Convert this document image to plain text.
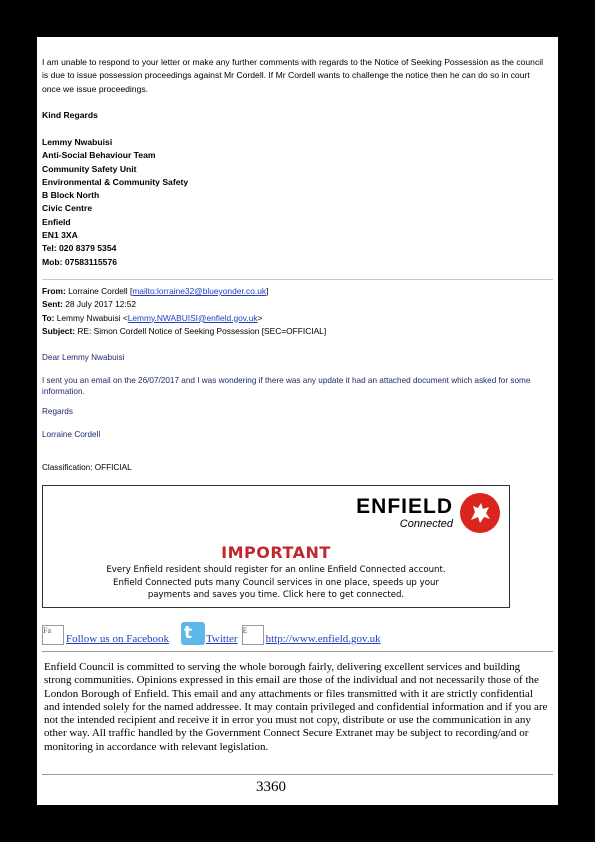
I am unable to respond to your letter or make any further comments with regards to the Notice of Seeking Possession as the council is due to issue possession proceedings against Mr Cordell. If Mr Cordell wants to challenge the notice then he can do so in court once we issue proceedings.
Kind Regards
Lemmy Nwabuisi
Anti-Social Behaviour Team
Community Safety Unit
Environmental & Community Safety
B Block North
Civic Centre
Enfield
EN1 3XA
Tel: 020 8379 5354
Mob: 07583115576
From: Lorraine Cordell [mailto:lorraine32@blueyonder.co.uk]
Sent: 28 July 2017 12:52
To: Lemmy Nwabuisi <Lemmy.NWABUISI@enfield.gov.uk>
Subject: RE: Simon Cordell Notice of Seeking Possession [SEC=OFFICIAL]
Dear Lemmy Nwabuisi
I sent you an email on the 26/07/2017 and I was wondering if there was any update it had an attached document which asked for some information.
Regards
Lorraine Cordell
Classification: OFFICIAL
ENFIELD
Connected
IMPORTANT
Every Enfield resident should register for an online Enfield Connected account.
Enfield Connected puts many Council services in one place, speeds up your
payments and saves you time. Click here to get connected.
Fa
Follow us on Facebook t Twitter
E
http://www.enfield.gov.uk
Enfield Council is committed to serving the whole borough fairly, delivering excellent services and building strong communities. Opinions expressed in this email are those of the individual and not necessarily those of the London Borough of Enfield. This email and any attachments or files transmitted with it are strictly confidential and intended solely for the named addressee. It may contain privileged and confidential information and if you are not the intended recipient and receive it in error you must not copy, distribute or use the communication in any other way. All traffic handled by the Government Connect Secure Extranet may be subject to recording/and or monitoring in accordance with relevant legislation.
3360
